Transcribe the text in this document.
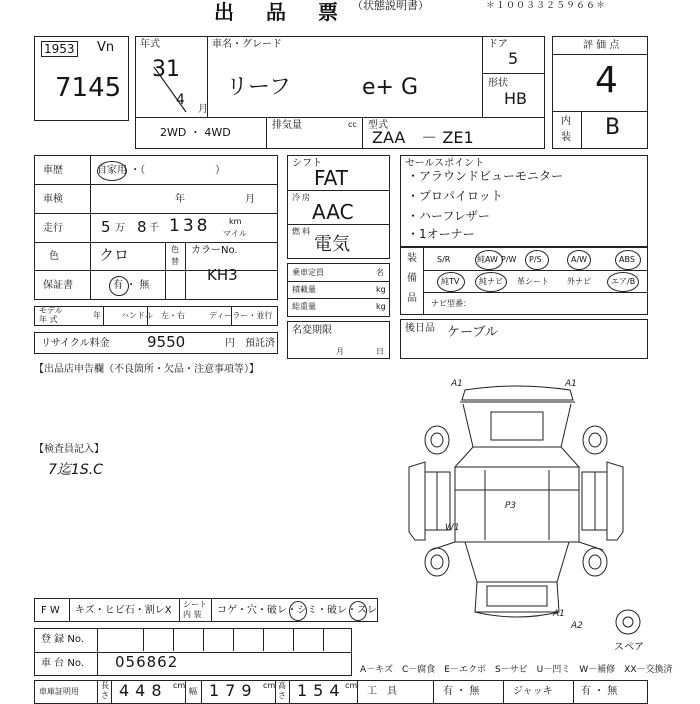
出　品　票 （状態説明書）	＊１００３３２５９６６＊
1953 Vn
7145
年式
31
4
月
車名・グレード
リーフ	e+ G
ドア
5
形状
HB
2WD ・ 4WD
排気量	cc 型式
ZAA　－ ZE1
評 価 点
4
内
装 B
車歴	自家用 ・（　　　　　　　）
車検	年	月
走行	5 万 8 千 138 km
マイル
色	クロ	色
替
カラーNo.
KH3
保証書	有 ・ 無
モデル
年 式	年	ハンドル　左・右	ディーラー・並行
リサイクル料金 9550	円　預託済
シフト
FAT
冷 房
AAC
燃 料
電気
乗車定員	名
積載量	kg
総重量	kg
名変期限
月	日
セールスポイント
・アラウンドビューモニター
・プロパイロット
・ハーフレザー
・1オーナー
装
備
品
S/R	純AW P/W P/S	A/W	ABS
純TV 純ナビ 革シート 外ナビ	エア/B
ナビ型番：
後日品 ケーブル
【出品店申告欄（不良箇所・欠品・注意事項等）】
【検査員記入】
7迄1S.C
A1	A1
P3
W1
A1
A2
スペア
F W キズ・ヒビ石・割レX
シート
内 装 コゲ・穴・破レ・シミ・破レ・スレ
登 録 No.
車 台 No. 056862	A－キズ　C－腐食　E－エクボ　S－サビ　U－凹ミ　W－補修　XX－交換済
車庫証明用
長
さ 448 cm
幅 179 cm 高
さ 154 cm
工　具	有 ・ 無	ジャッキ	有 ・ 無
